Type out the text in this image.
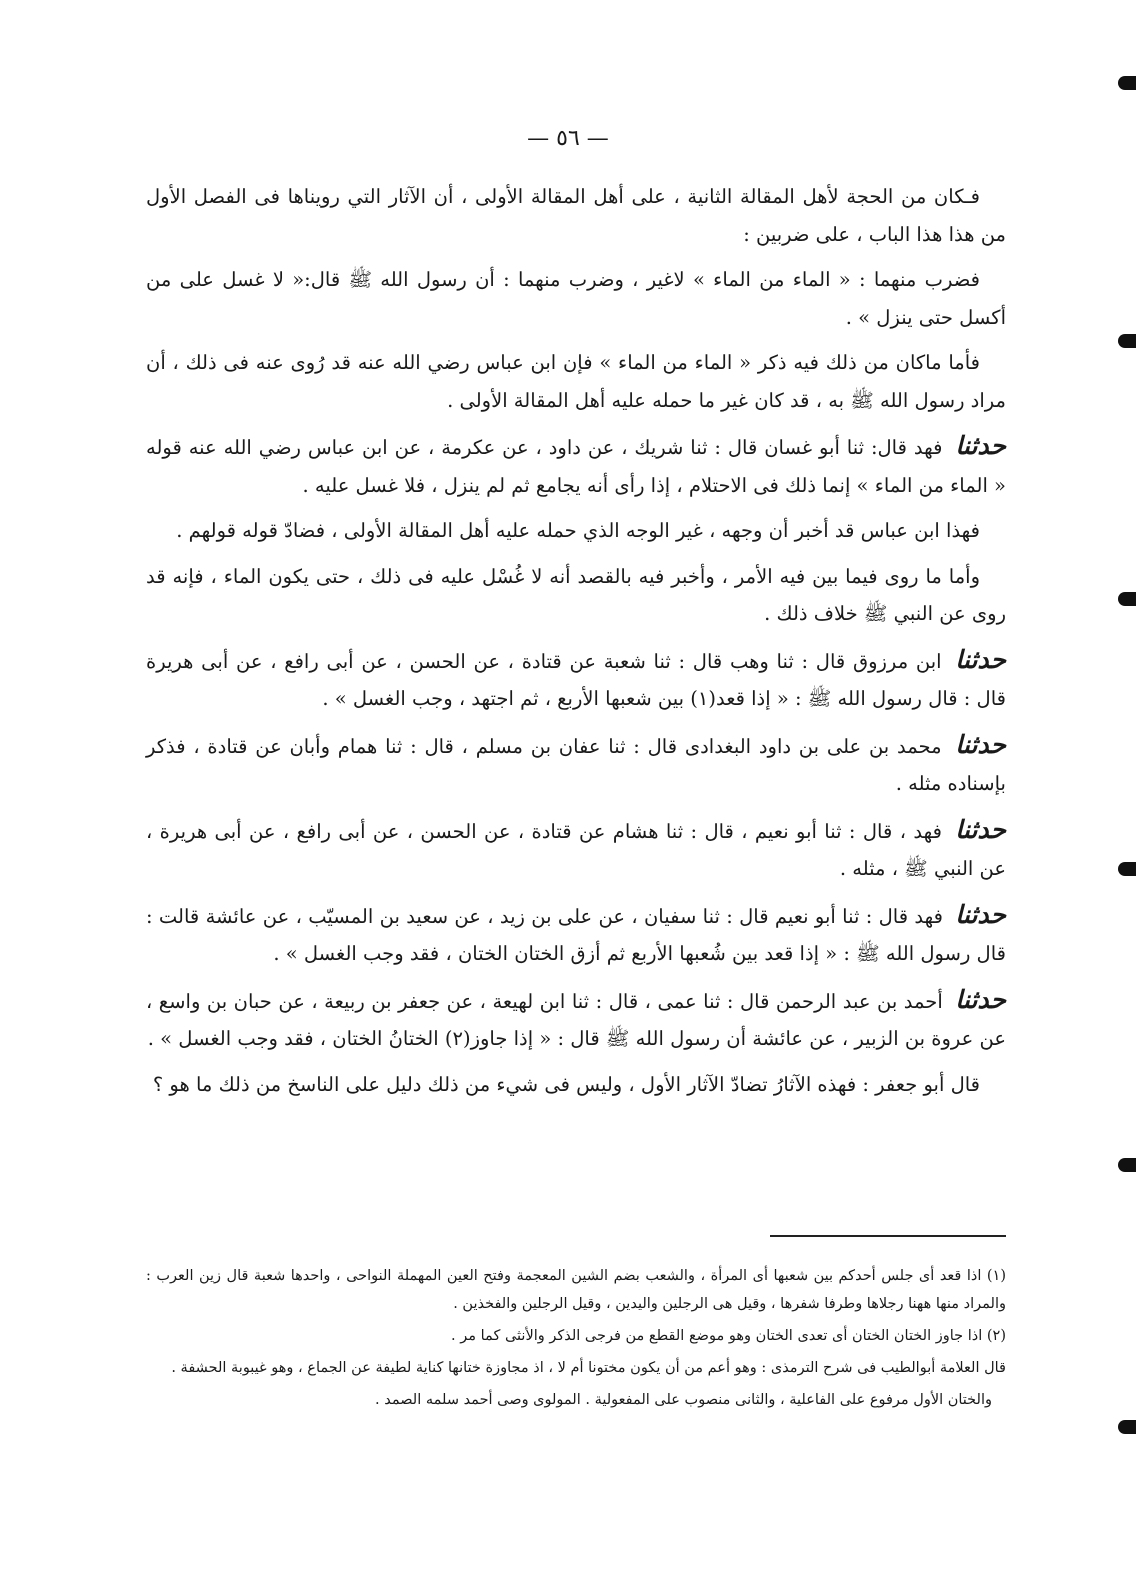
— ٥٦ —

فـكان من الحجة لأهل المقالة الثانية ، على أهل المقالة الأولى ، أن الآثار التي رويناها فى الفصل الأول من هذا هذا الباب ، على ضربين :

فضرب منهما : « الماء من الماء » لاغير ، وضرب منهما : أن رسول الله ﷺ قال:« لا غسل على من أكسل حتى ينزل » .

فأما ماكان من ذلك فيه ذكر « الماء من الماء » فإن ابن عباس رضي الله عنه قد رُوى عنه فى ذلك ، أن مراد رسول الله ﷺ به ، قد كان غير ما حمله عليه أهل المقالة الأولى .

حدثنا فهد قال: ثنا أبو غسان قال : ثنا شريك ، عن داود ، عن عكرمة ، عن ابن عباس رضي الله عنه قوله « الماء من الماء » إنما ذلك فى الاحتلام ، إذا رأى أنه يجامع ثم لم ينزل ، فلا غسل عليه .

فهذا ابن عباس قد أخبر أن وجهه ، غير الوجه الذي حمله عليه أهل المقالة الأولى ، فضادّ قوله قولهم .

وأما ما روى فيما بين فيه الأمر ، وأخبر فيه بالقصد أنه لا غُسْل عليه فى ذلك ، حتى يكون الماء ، فإنه قد روى عن النبي ﷺ خلاف ذلك .

حدثنا ابن مرزوق قال : ثنا وهب قال : ثنا شعبة عن قتادة ، عن الحسن ، عن أبى رافع ، عن أبى هريرة قال : قال رسول الله ﷺ : « إذا قعد(١) بين شعبها الأربع ، ثم اجتهد ، وجب الغسل » .

حدثنا محمد بن على بن داود البغدادى قال : ثنا عفان بن مسلم ، قال : ثنا همام وأبان عن قتادة ، فذكر بإسناده مثله .

حدثنا فهد ، قال : ثنا أبو نعيم ، قال : ثنا هشام عن قتادة ، عن الحسن ، عن أبى رافع ، عن أبى هريرة ، عن النبي ﷺ ، مثله .

حدثنا فهد قال : ثنا أبو نعيم قال : ثنا سفيان ، عن على بن زيد ، عن سعيد بن المسيّب ، عن عائشة قالت : قال رسول الله ﷺ : « إذا قعد بين شُعبها الأربع ثم أزق الختان الختان ، فقد وجب الغسل » .

حدثنا أحمد بن عبد الرحمن قال : ثنا عمى ، قال : ثنا ابن لهيعة ، عن جعفر بن ربيعة ، عن حبان بن واسع ، عن عروة بن الزبير ، عن عائشة أن رسول الله ﷺ قال : « إذا جاوز(٢) الختانُ الختان ، فقد وجب الغسل » .

قال أبو جعفر : فهذه الآثارُ تضادّ الآثار الأول ، وليس فى شيء من ذلك دليل على الناسخ من ذلك ما هو ؟

(١) اذا قعد أى جلس أحدكم بين شعبها أى المرأة ، والشعب بضم الشين المعجمة وفتح العين المهملة النواحى ، واحدها شعبة قال زين العرب : والمراد منها ههنا رجلاها وطرفا شفرها ، وقيل هى الرجلين واليدين ، وقيل الرجلين والفخذين .

(٢) اذا جاوز الختان الختان أى تعدى الختان وهو موضع القطع من فرجى الذكر والأنثى كما مر .

قال العلامة أبوالطيب فى شرح الترمذى : وهو أعم من أن يكون مختونا أم لا ، اذ مجاوزة ختانها كناية لطيفة عن الجماع ، وهو غيبوبة الحشفة .

والختان الأول مرفوع على الفاعلية ، والثانى منصوب على المفعولية . المولوى وصى أحمد سلمه الصمد .
